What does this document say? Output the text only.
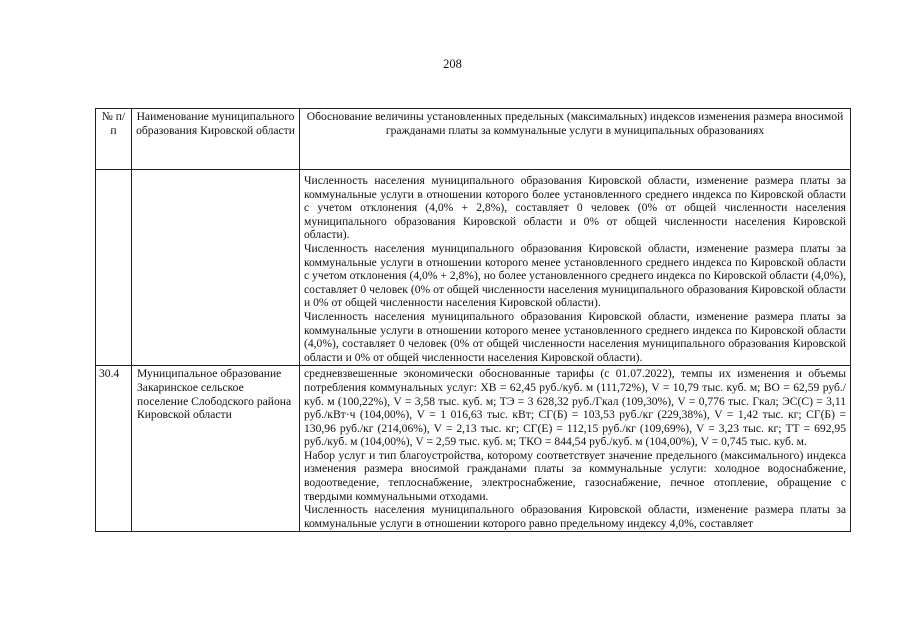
208
№ п/п	Наименование муниципального образования Кировской области	Обоснование величины установленных предельных (максимальных) индексов изменения размера вносимой гражданами платы за коммунальные услуги в муниципальных образованиях

		Численность населения муниципального образования Кировской области, изменение размера платы за коммунальные услуги в отношении которого более установленного среднего индекса по Кировской области с учетом отклонения (4,0% + 2,8%), составляет 0 человек (0% от общей численности населения муниципального образования Кировской области и 0% от общей численности населения Кировской области).

Численность населения муниципального образования Кировской области, изменение размера платы за коммунальные услуги в отношении которого менее установленного среднего индекса по Кировской области с учетом отклонения (4,0% + 2,8%), но более установленного среднего индекса по Кировской области (4,0%), составляет 0 человек (0% от общей численности населения муниципального образования Кировской области и 0% от общей численности населения Кировской области).

Численность населения муниципального образования Кировской области, изменение размера платы за коммунальные услуги в отношении которого менее установленного среднего индекса по Кировской области (4,0%), составляет 0 человек (0% от общей численности населения муниципального образования Кировской области и 0% от общей численности населения Кировской области).

30.4	Муниципальное образование Закаринское сельское поселение Слободского района Кировской области	средневзвешенные экономически обоснованные тарифы (с 01.07.2022), темпы их изменения и объемы потребления коммунальных услуг: ХВ = 62,45 руб./куб. м (111,72%), V = 10,79 тыс. куб. м; ВО = 62,59 руб./куб. м (100,22%), V = 3,58 тыс. куб. м; ТЭ = 3 628,32 руб./Гкал (109,30%), V = 0,776 тыс. Гкал; ЭС(С) = 3,11 руб./кВт·ч (104,00%), V = 1 016,63 тыс. кВт; СГ(Б) = 103,53 руб./кг (229,38%), V = 1,42 тыс. кг; СГ(Б) = 130,96 руб./кг (214,06%), V = 2,13 тыс. кг; СГ(Е) = 112,15 руб./кг (109,69%), V = 3,23 тыс. кг; ТТ = 692,95 руб./куб. м (104,00%), V = 2,59 тыс. куб. м; ТКО = 844,54 руб./куб. м (104,00%), V = 0,745 тыс. куб. м.

Набор услуг и тип благоустройства, которому соответствует значение предельного (максимального) индекса изменения размера вносимой гражданами платы за коммунальные услуги: холодное водоснабжение, водоотведение, теплоснабжение, электроснабжение, газоснабжение, печное отопление, обращение с твердыми коммунальными отходами.

Численность населения муниципального образования Кировской области, изменение размера платы за коммунальные услуги в отношении которого равно предельному индексу 4,0%, составляет
